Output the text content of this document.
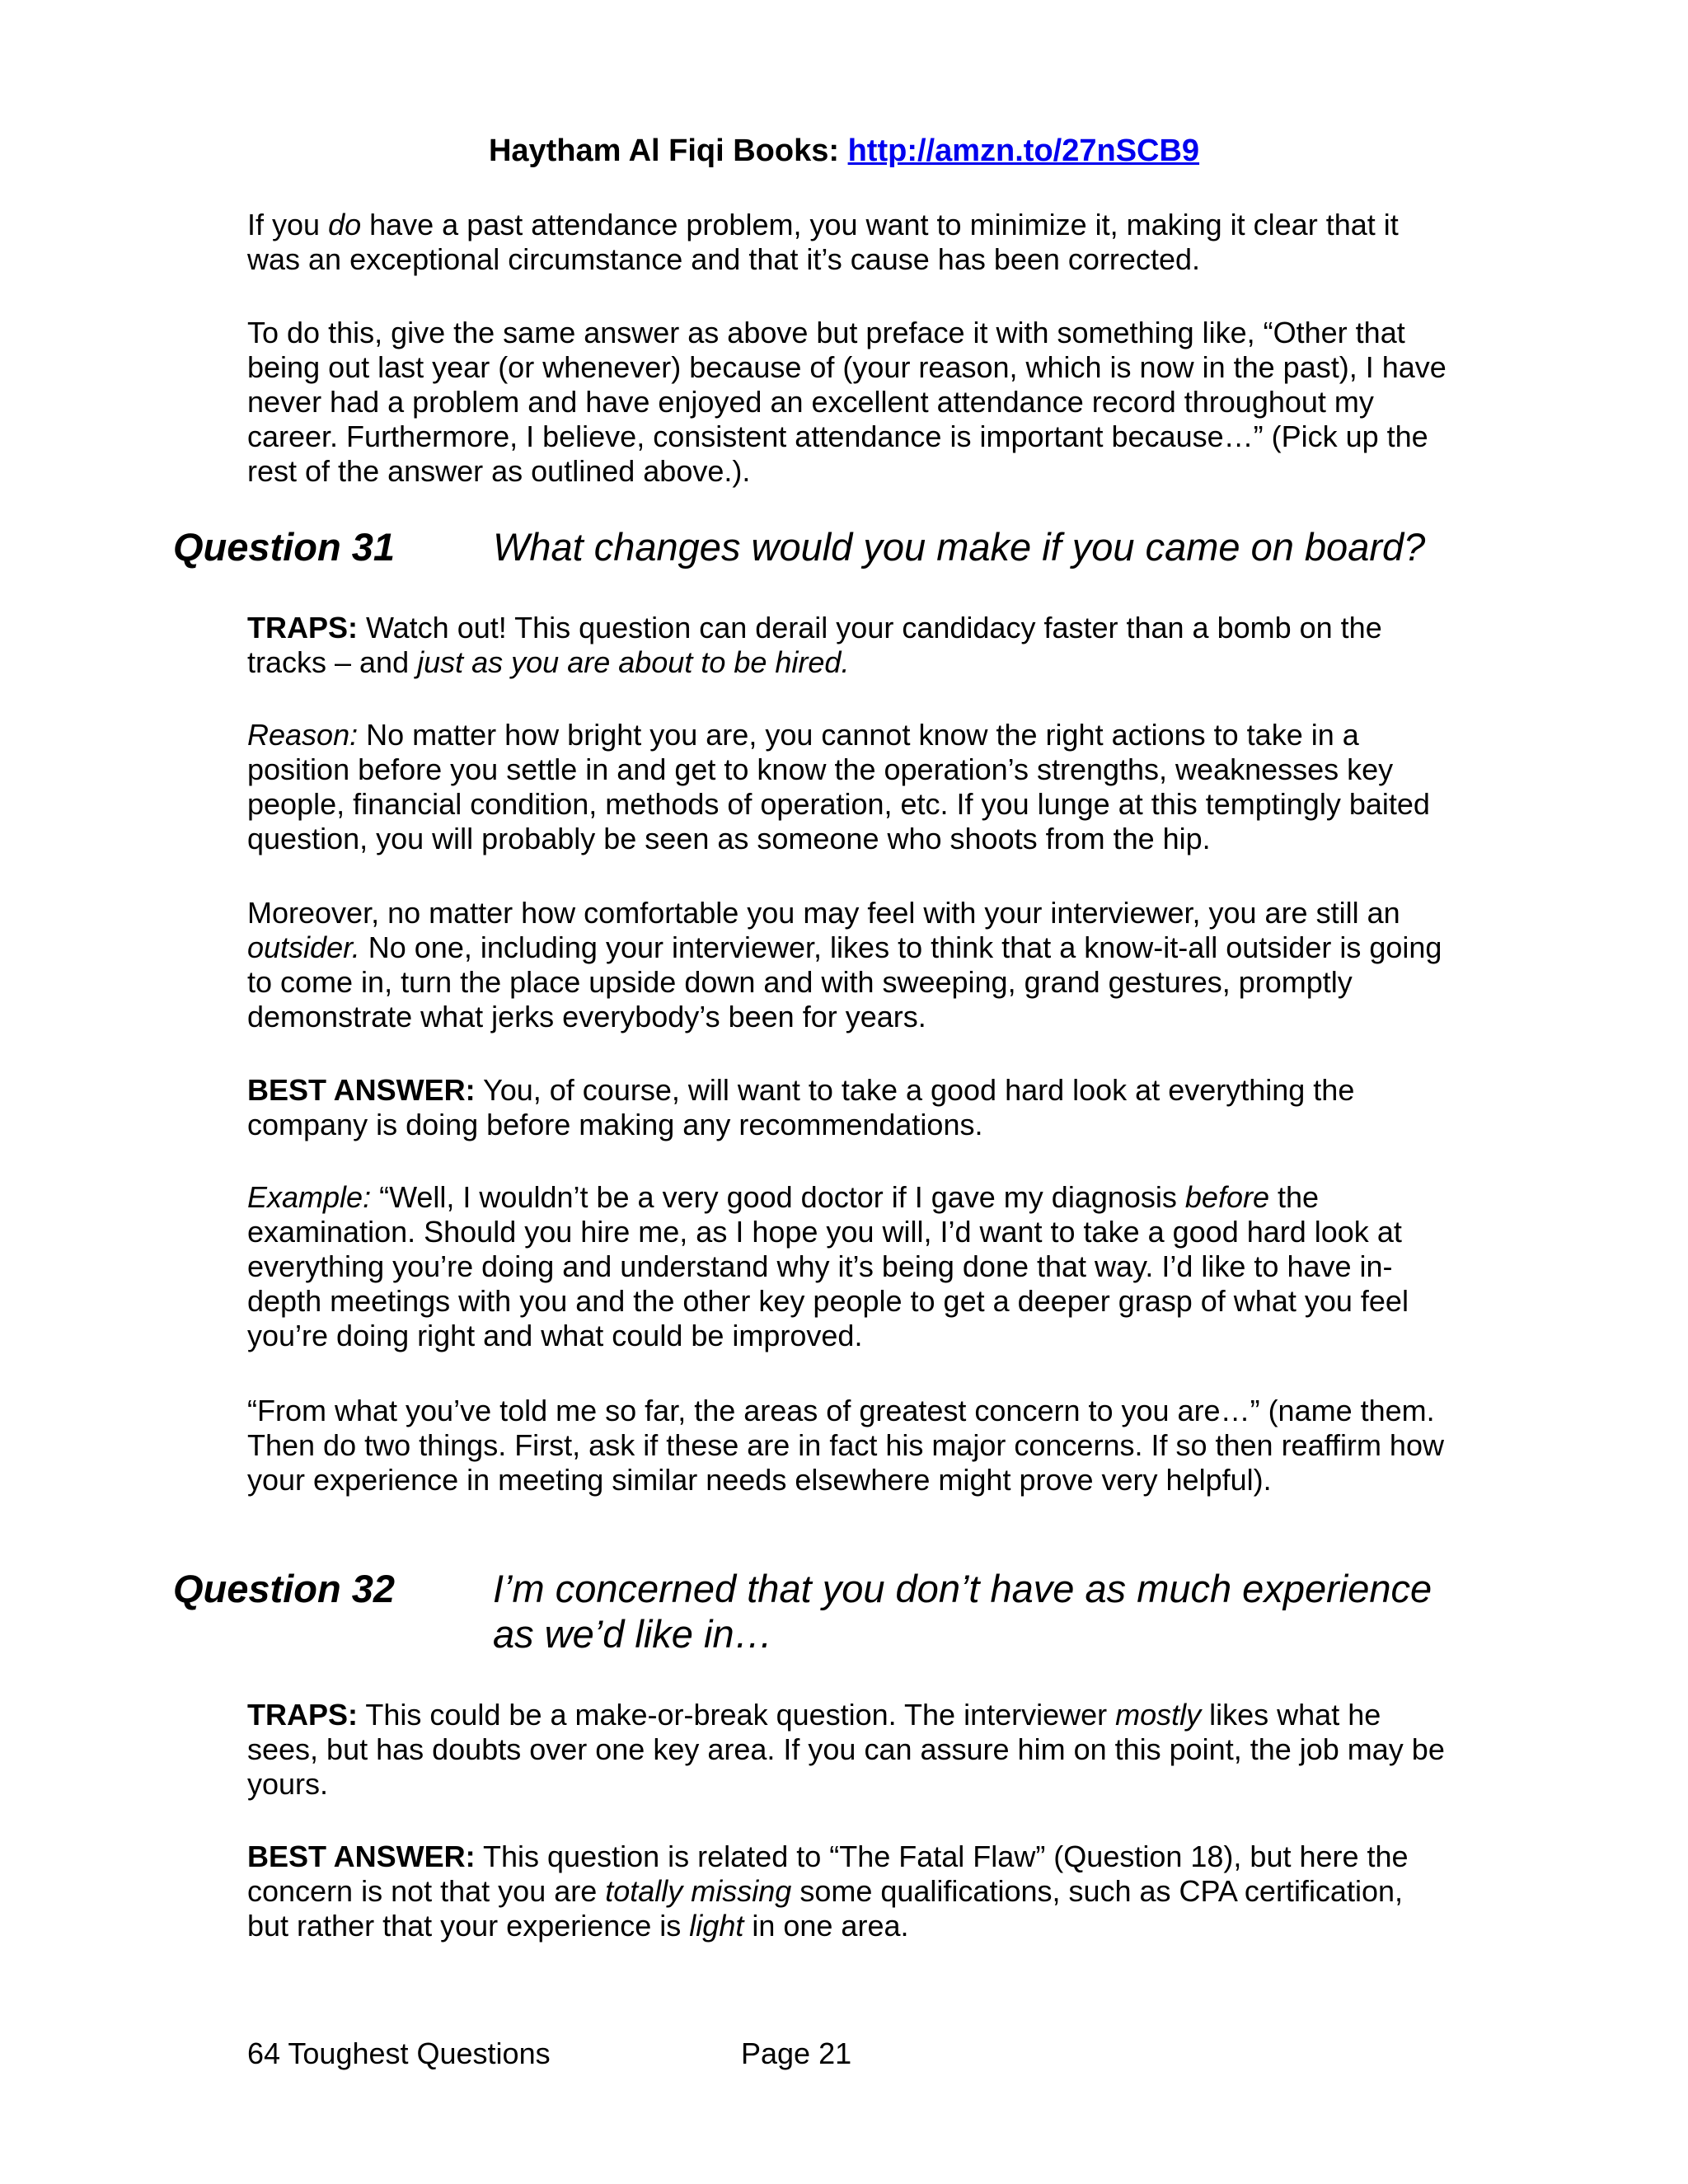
Haytham Al Fiqi Books: http://amzn.to/27nSCB9

If you do have a past attendance problem, you want to minimize it, making it clear that it was an exceptional circumstance and that it’s cause has been corrected.

To do this, give the same answer as above but preface it with something like, “Other that being out last year (or whenever) because of (your reason, which is now in the past), I have never had a problem and have enjoyed an excellent attendance record throughout my career. Furthermore, I believe, consistent attendance is important because…” (Pick up the rest of the answer as outlined above.).

Question 31	What changes would you make if you came on board?

TRAPS: Watch out! This question can derail your candidacy faster than a bomb on the tracks – and just as you are about to be hired.

Reason: No matter how bright you are, you cannot know the right actions to take in a position before you settle in and get to know the operation’s strengths, weaknesses key people, financial condition, methods of operation, etc. If you lunge at this temptingly baited question, you will probably be seen as someone who shoots from the hip.

Moreover, no matter how comfortable you may feel with your interviewer, you are still an outsider. No one, including your interviewer, likes to think that a know-it-all outsider is going to come in, turn the place upside down and with sweeping, grand gestures, promptly demonstrate what jerks everybody’s been for years.

BEST ANSWER: You, of course, will want to take a good hard look at everything the company is doing before making any recommendations.

Example: “Well, I wouldn’t be a very good doctor if I gave my diagnosis before the examination. Should you hire me, as I hope you will, I’d want to take a good hard look at everything you’re doing and understand why it’s being done that way. I’d like to have in-depth meetings with you and the other key people to get a deeper grasp of what you feel you’re doing right and what could be improved.

“From what you’ve told me so far, the areas of greatest concern to you are…” (name them. Then do two things. First, ask if these are in fact his major concerns. If so then reaffirm how your experience in meeting similar needs elsewhere might prove very helpful).

Question 32	I’m concerned that you don’t have as much experience as we’d like in…

TRAPS: This could be a make-or-break question. The interviewer mostly likes what he sees, but has doubts over one key area. If you can assure him on this point, the job may be yours.

BEST ANSWER: This question is related to “The Fatal Flaw” (Question 18), but here the concern is not that you are totally missing some qualifications, such as CPA certification, but rather that your experience is light in one area.

64 Toughest Questions	Page 21
